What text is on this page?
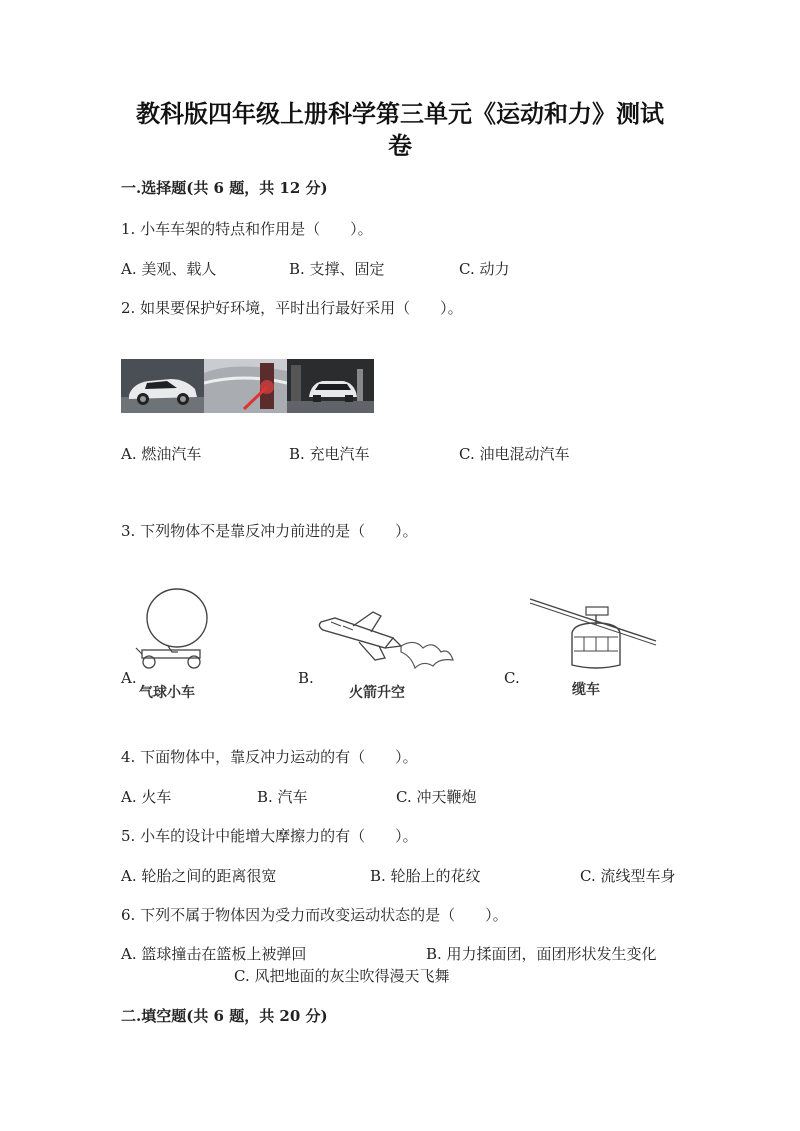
教科版四年级上册科学第三单元《运动和力》测试
卷
一.选择题(共 6 题，共 12 分)
1. 小车车架的特点和作用是（　　）。
A. 美观、载人	B. 支撑、固定	C. 动力
2. 如果要保护好环境，平时出行最好采用（　　）。
A. 燃油汽车	B. 充电汽车	C. 油电混动汽车
3. 下列物体不是靠反冲力前进的是（　　）。
A.	B.	C.
气球小车	火箭升空	缆车
4. 下面物体中，靠反冲力运动的有（　　）。
A. 火车	B. 汽车	C. 冲天鞭炮
5. 小车的设计中能增大摩擦力的有（　　）。
A. 轮胎之间的距离很宽	B. 轮胎上的花纹	C. 流线型车身
6. 下列不属于物体因为受力而改变运动状态的是（　　）。
A. 篮球撞击在篮板上被弹回	B. 用力揉面团，面团形状发生变化
C. 风把地面的灰尘吹得漫天飞舞
二.填空题(共 6 题，共 20 分)
